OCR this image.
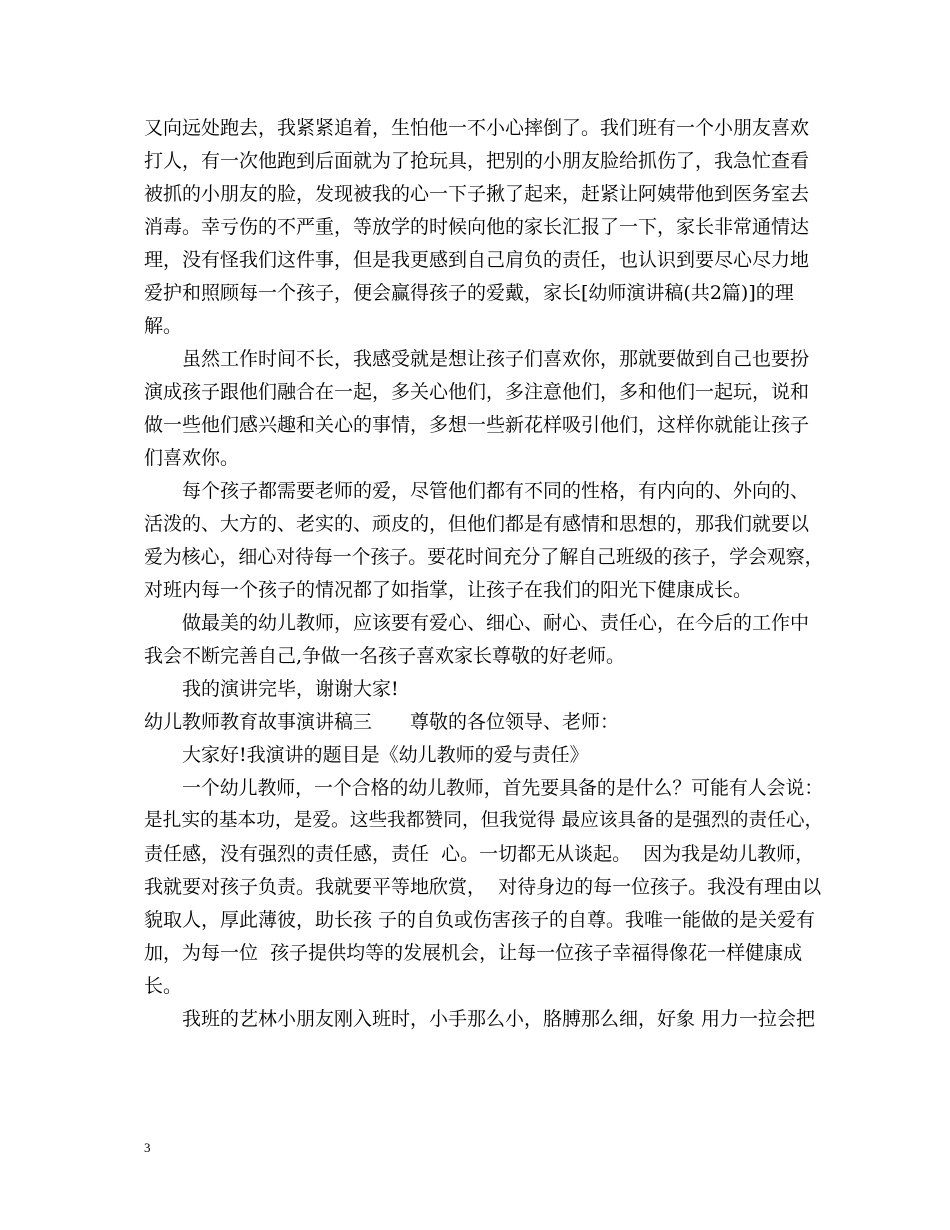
又向远处跑去，我紧紧追着，生怕他一不小心摔倒了。我们班有一个小朋友喜欢
打人，有一次他跑到后面就为了抢玩具，把别的小朋友脸给抓伤了，我急忙查看
被抓的小朋友的脸，发现被我的心一下子揪了起来，赶紧让阿姨带他到医务室去
消毒。幸亏伤的不严重，等放学的时候向他的家长汇报了一下，家长非常通情达
理，没有怪我们这件事，但是我更感到自己肩负的责任，也认识到要尽心尽力地
爱护和照顾每一个孩子，便会赢得孩子的爱戴，家长[幼师演讲稿(共2篇)]的理
解。
虽然工作时间不长，我感受就是想让孩子们喜欢你，那就要做到自己也要扮
演成孩子跟他们融合在一起，多关心他们，多注意他们，多和他们一起玩，说和
做一些他们感兴趣和关心的事情，多想一些新花样吸引他们，这样你就能让孩子
们喜欢你。
每个孩子都需要老师的爱，尽管他们都有不同的性格，有内向的、外向的、
活泼的、大方的、老实的、顽皮的，但他们都是有感情和思想的，那我们就要以
爱为核心，细心对待每一个孩子。要花时间充分了解自己班级的孩子，学会观察，
对班内每一个孩子的情况都了如指掌，让孩子在我们的阳光下健康成长。
做最美的幼儿教师，应该要有爱心、细心、耐心、责任心，在今后的工作中
我会不断完善自己,争做一名孩子喜欢家长尊敬的好老师。
我的演讲完毕，谢谢大家!
幼儿教师教育故事演讲稿三　　尊敬的各位领导、老师：
大家好!我演讲的题目是《幼儿教师的爱与责任》
一个幼儿教师，一个合格的幼儿教师，首先要具备的是什么？可能有人会说：
是扎实的基本功，是爱。这些我都赞同，但我觉得 最应该具备的是强烈的责任心，
责任感，没有强烈的责任感，责任  心。一切都无从谈起。  因为我是幼儿教师，
我就要对孩子负责。我就要平等地欣赏，  对待身边的每一位孩子。我没有理由以
貌取人，厚此薄彼，助长孩 子的自负或伤害孩子的自尊。我唯一能做的是关爱有
加，为每一位  孩子提供均等的发展机会，让每一位孩子幸福得像花一样健康成
长。
我班的艺林小朋友刚入班时，小手那么小，胳膊那么细，好象 用力一拉会把
3
